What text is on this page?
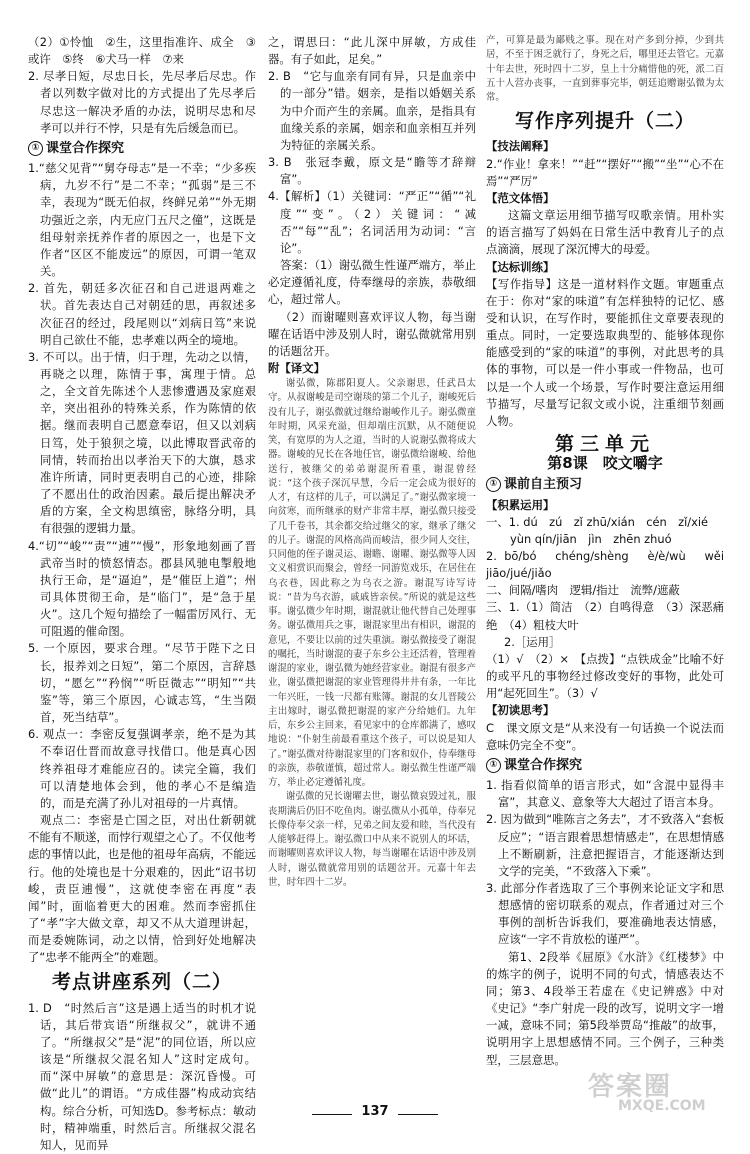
（2）①怜恤　②生，这里指准许、成全　③或许　⑤终　⑥犬马一样　⑦来

2. 尽孝日短，尽忠日长，先尽孝后尽忠。作者以列数字做对比的方式提出了先尽孝后尽忠这一解决矛盾的办法，说明尽忠和尽孝可以并行不悖，只是有先后缓急而已。

① 课堂合作探究

1.“慈父见背”“舅夺母志”是一不幸；“少多疾病，九岁不行”是二不幸；“孤弱”是三不幸，表现为“既无伯叔，终鲜兄弟”“外无期功强近之亲，内无应门五尺之僮”，这既是组母射亲抚养作者的原因之一，也是下文作者“区区不能废远”的原因，可谓一笔双关。

2. 首先，朝廷多次征召和自己进退两难之状。首先表达自己对朝廷的思，再叙述多次征召的经过，段尾则以“刘病日笃”来说明自己欲仕不能，忠孝难以两全的境地。

3. 不可以。出于情，归于理，先动之以情，再晓之以理，陈情于事，寓理于情。总之，全文首先陈述个人悲惨遭遇及家庭艰辛，突出祖孙的特殊关系，作为陈情的依据。继而表明自己愿意奉诏，但又以刘病日笃，处于狼狈之境，以此博取晋武帝的同情，转而抬出以孝治天下的大旗，恳求准许所请，同时更表明自己的心迹，排除了不愿出仕的政治因素。最后提出解决矛盾的方案，全文构思缜密，脉络分明，具有很强的逻辑力量。

4.“切”“峻”“责”“逋”“慢”，形象地刻画了晋武帝当时的愤怒情态。郡县风驰电掣般地执行王命，是“逼迫”，是“催臣上道”；州司具体贯彻王命，是“临门”，是“急于星火”。这几个短句描绘了一幅雷厉风行、无可阻遏的催命图。

5. 一个原因，要求合理。“尽节于陛下之日长，报养刘之日短”，第二个原因，言辞恳切，“愿乞”“矜悯”“听臣微志”“明知”“共鉴”等，第三个原因，心诚志笃，“生当陨首，死当结草”。

6. 观点一：李密反复强调孝亲，绝不是为其不奉诏仕晋而故意寻找借口。他是真心因终养祖母才难能应召的。读完全篇，我们可以清楚地体会到，他的孝心不是编造的，而是充满了孙儿对祖母的一片真情。

观点二：李密是亡国之臣，对出仕新朝就不能有不顺遂，而悖行观望之心了。不仅他考虑的事情以此，也是他的祖母年高病，不能远行。他的处境也是十分艰难的，因此“诏书切峻，责臣逋慢”，这就使李密在再度“表闻”时，面临着更大的困难。然而李密抓住了“孝”字大做文章，却又不从大道理讲起，而是委婉陈词，动之以情，恰到好处地解决了“忠孝不能两全”的难题。

考点讲座系列（二）

1. D　“时然后言”这是遇上适当的时机才说话，其后带宾语“所继叔父”，就讲不通了。“所继叔父”是“泥”的同位语，所以应该是“所继叔父混名知人”这时定成句。而“深中屏敏”的意思是：深沉昏慢。可做“此儿”的谓语。“方成佳器”构成动宾结构。综合分析，可知选D。参考标点：敏动时，精神端重，时然后言。所继叔父混名知人，见而异

之，谓思曰：“此儿深中屏敏，方成佳器。有子如此，足矣。”

2. B　“它与血亲有同有异，只是血亲中的一部分”错。姻亲，是指以婚姻关系为中介而产生的亲属。血亲，是指具有血缘关系的亲属，姻亲和血亲相互并列为特征的亲属关系。

3. B　张冠李戴，原文是“瞻等才辞辩富”。

4.【解析】（1）关键词：“严正”“循”“礼度”“变”。（2）关键词：“减否”“每”“乱”；名词活用为动词：“言论”。

答案：（1）谢弘微生性谨严端方，举止必定遵循礼度，侍奉继母的亲族，恭敬细心，超过常人。

（2）而谢曜则喜欢评议人物，每当谢曜在话语中涉及别人时，谢弘微就常用别的话题岔开。

附【译文】

谢弘微，陈郡阳夏人。父亲谢思，任武昌太守。从叔谢峻是司空谢琰的第二个儿子，谢峻死后没有儿子，谢弘微就过继给谢峻作儿子。谢弘微童年时期，风采充溢，但却端庄沉默，从不随便说笑，有宽厚的为人之道，当时的人说谢弘微将成大器。谢峻的兄长在各地任官，谢弘微给谢峻、给他送行，被继父的弟弟谢混所看重，谢混曾经说：“这个孩子深沉早慧，今后一定会成为很好的人才，有这样的儿子，可以满足了。”谢弘微家境一向贫寒，而所继承的财产非常丰厚，谢弘微只接受了几千卷书，其余都交给过继父的家，继承了继父的儿子。谢混的风格高尚而峻洁，很少同人交往，只同他的侄子谢灵运、谢瞻、谢曜、谢弘微等人因文义相赏识而聚会，曾经一同游览戏乐，在居住在乌衣巷，因此称之为乌衣之游。谢混写诗写诗说：“昔为乌衣游，戚戚皆亲侯。”所说的就是这些事。谢弘微少年时期，谢混就让他代替自己处理事务。谢弘微用兵之事，谢混家里出有相识，谢混的意见，不要让以前的过失重演。谢弘微接受了谢混的嘱托，当时谢混的妻子东乡公主还活着，管理着谢混的家业，谢弘微为她经营家业。谢混有很多产业，谢弘微把谢混的家业管理得井井有条，一年比一年兴旺，一钱一尺都有账簿。谢混的女儿晋陵公主出嫁时，谢弘微把谢混的家产分给她们。九年后，东乡公主回来，看见家中的仓库都满了，感叹地说：“仆射生前最看重这个孩子，可以说是知人了。”谢弘微对待谢混家里的门客和奴仆，侍奉继母的亲族，恭敬谨慎，超过常人。谢弘微生性谨严端方，举止必定遵循礼度。

谢弘微的兄长谢曜去世，谢弘微哀毁过礼，服丧期满后仍旧不吃鱼肉。谢弘微从小孤单，侍奉兄长像侍奉父亲一样，兄弟之间友爱和睦，当代没有人能够赶得上。谢弘微口中从来不说别人的坏话，而谢曜则喜欢评议人物，每当谢曜在话语中涉及别人时，谢弘微就常用别的话题岔开。元嘉十年去世，时年四十二岁。

产，可算是最为鄙贱之事。现在对产多到分掉，少到共居，不至于困乏就行了，身死之后，哪里还去管它。元嘉十年去世，死时四十二岁，皇上十分痛惜他的死，派二百五十人营办丧事，一直到葬事完毕，朝廷追赠谢弘微为太常。

写作序列提升（二）

【技法阐释】

2.“作业！拿来！”“赶”“摆好”“搬”“坐”“心不在焉”“严厉”

【范文体悟】

这篇文章运用细节描写叹歌亲情。用朴实的语言描写了妈妈在日常生活中教育儿子的点点滴滴，展现了深沉博大的母爱。

【达标训练】

【写作指导】这是一道材料作文题。审题重点在于：你对“家的味道”有怎样独特的记忆、感受和认识，在写作时，要能抓住文章要表现的重点。同时，一定要选取典型的、能够体现你能感受到的“家的味道”的事例，对此思考的具体的事物，可以是一件小事或一件物品，也可以是一个人或一个场景，写作时要注意运用细节描写，尽量写记叙文或小说，注重细节刻画人物。

第三单元
第8课　咬文嚼字
① 课前自主预习

【积累运用】

一、1. dú　zú　zǐ zhū/xián　cén　zǐ/xié

yùn qín/jiān　jìn　zhēn zhuó

2. bō/bó　chéng/shèng　è/è/wù　wěi　jiāo/jué/jiǎo

二、间隔/嗜肉　逻辑/指辻　流弊/遮蔽

三、1.（1）简洁　（2）自鸣得意　（3）深恶痛绝　（4）粗枝大叶

2.［运用］

（1）√　（2）×　【点拨】“点铁成金”比喻不好的或平凡的事物经过修改变好的事物，此处可用“起死回生”。（3）√

【初读思考】

C　课文原文是“从来没有一句话换一个说法而意味仍完全不变”。

① 课堂合作探究

1. 指看似简单的语言形式，如“含混中显得丰富”，其意义、意象等大大超过了语言本身。

2. 因为做到“唯陈言之务去”，才不致落入“套板反应”；“语言跟着思想情感走”，在思想情感上不断刷新，注意把握语言，才能逐渐达到文学的完美，“不致落入下乘”。

3. 此部分作者选取了三个事例来论证文字和思想感情的密切联系的观点，作者通过对三个事例的剖析告诉我们，要准确地表达情感，应该“一字不肯放松的谨严”。

第1、2段举《屈原》《水浒》《红楼梦》中的炼字的例子，说明不同的句式，情感表达不同；第3、4段举王若虚在《史记辨惑》中对《史记》“李广射虎一段的改写，说明文字一增一减，意味不同；第5段举贾岛“推敲”的故事，说明用字上思想感情不同。三个例子，三种类型，三层意思。

137
答案圈
MXQE.COM
